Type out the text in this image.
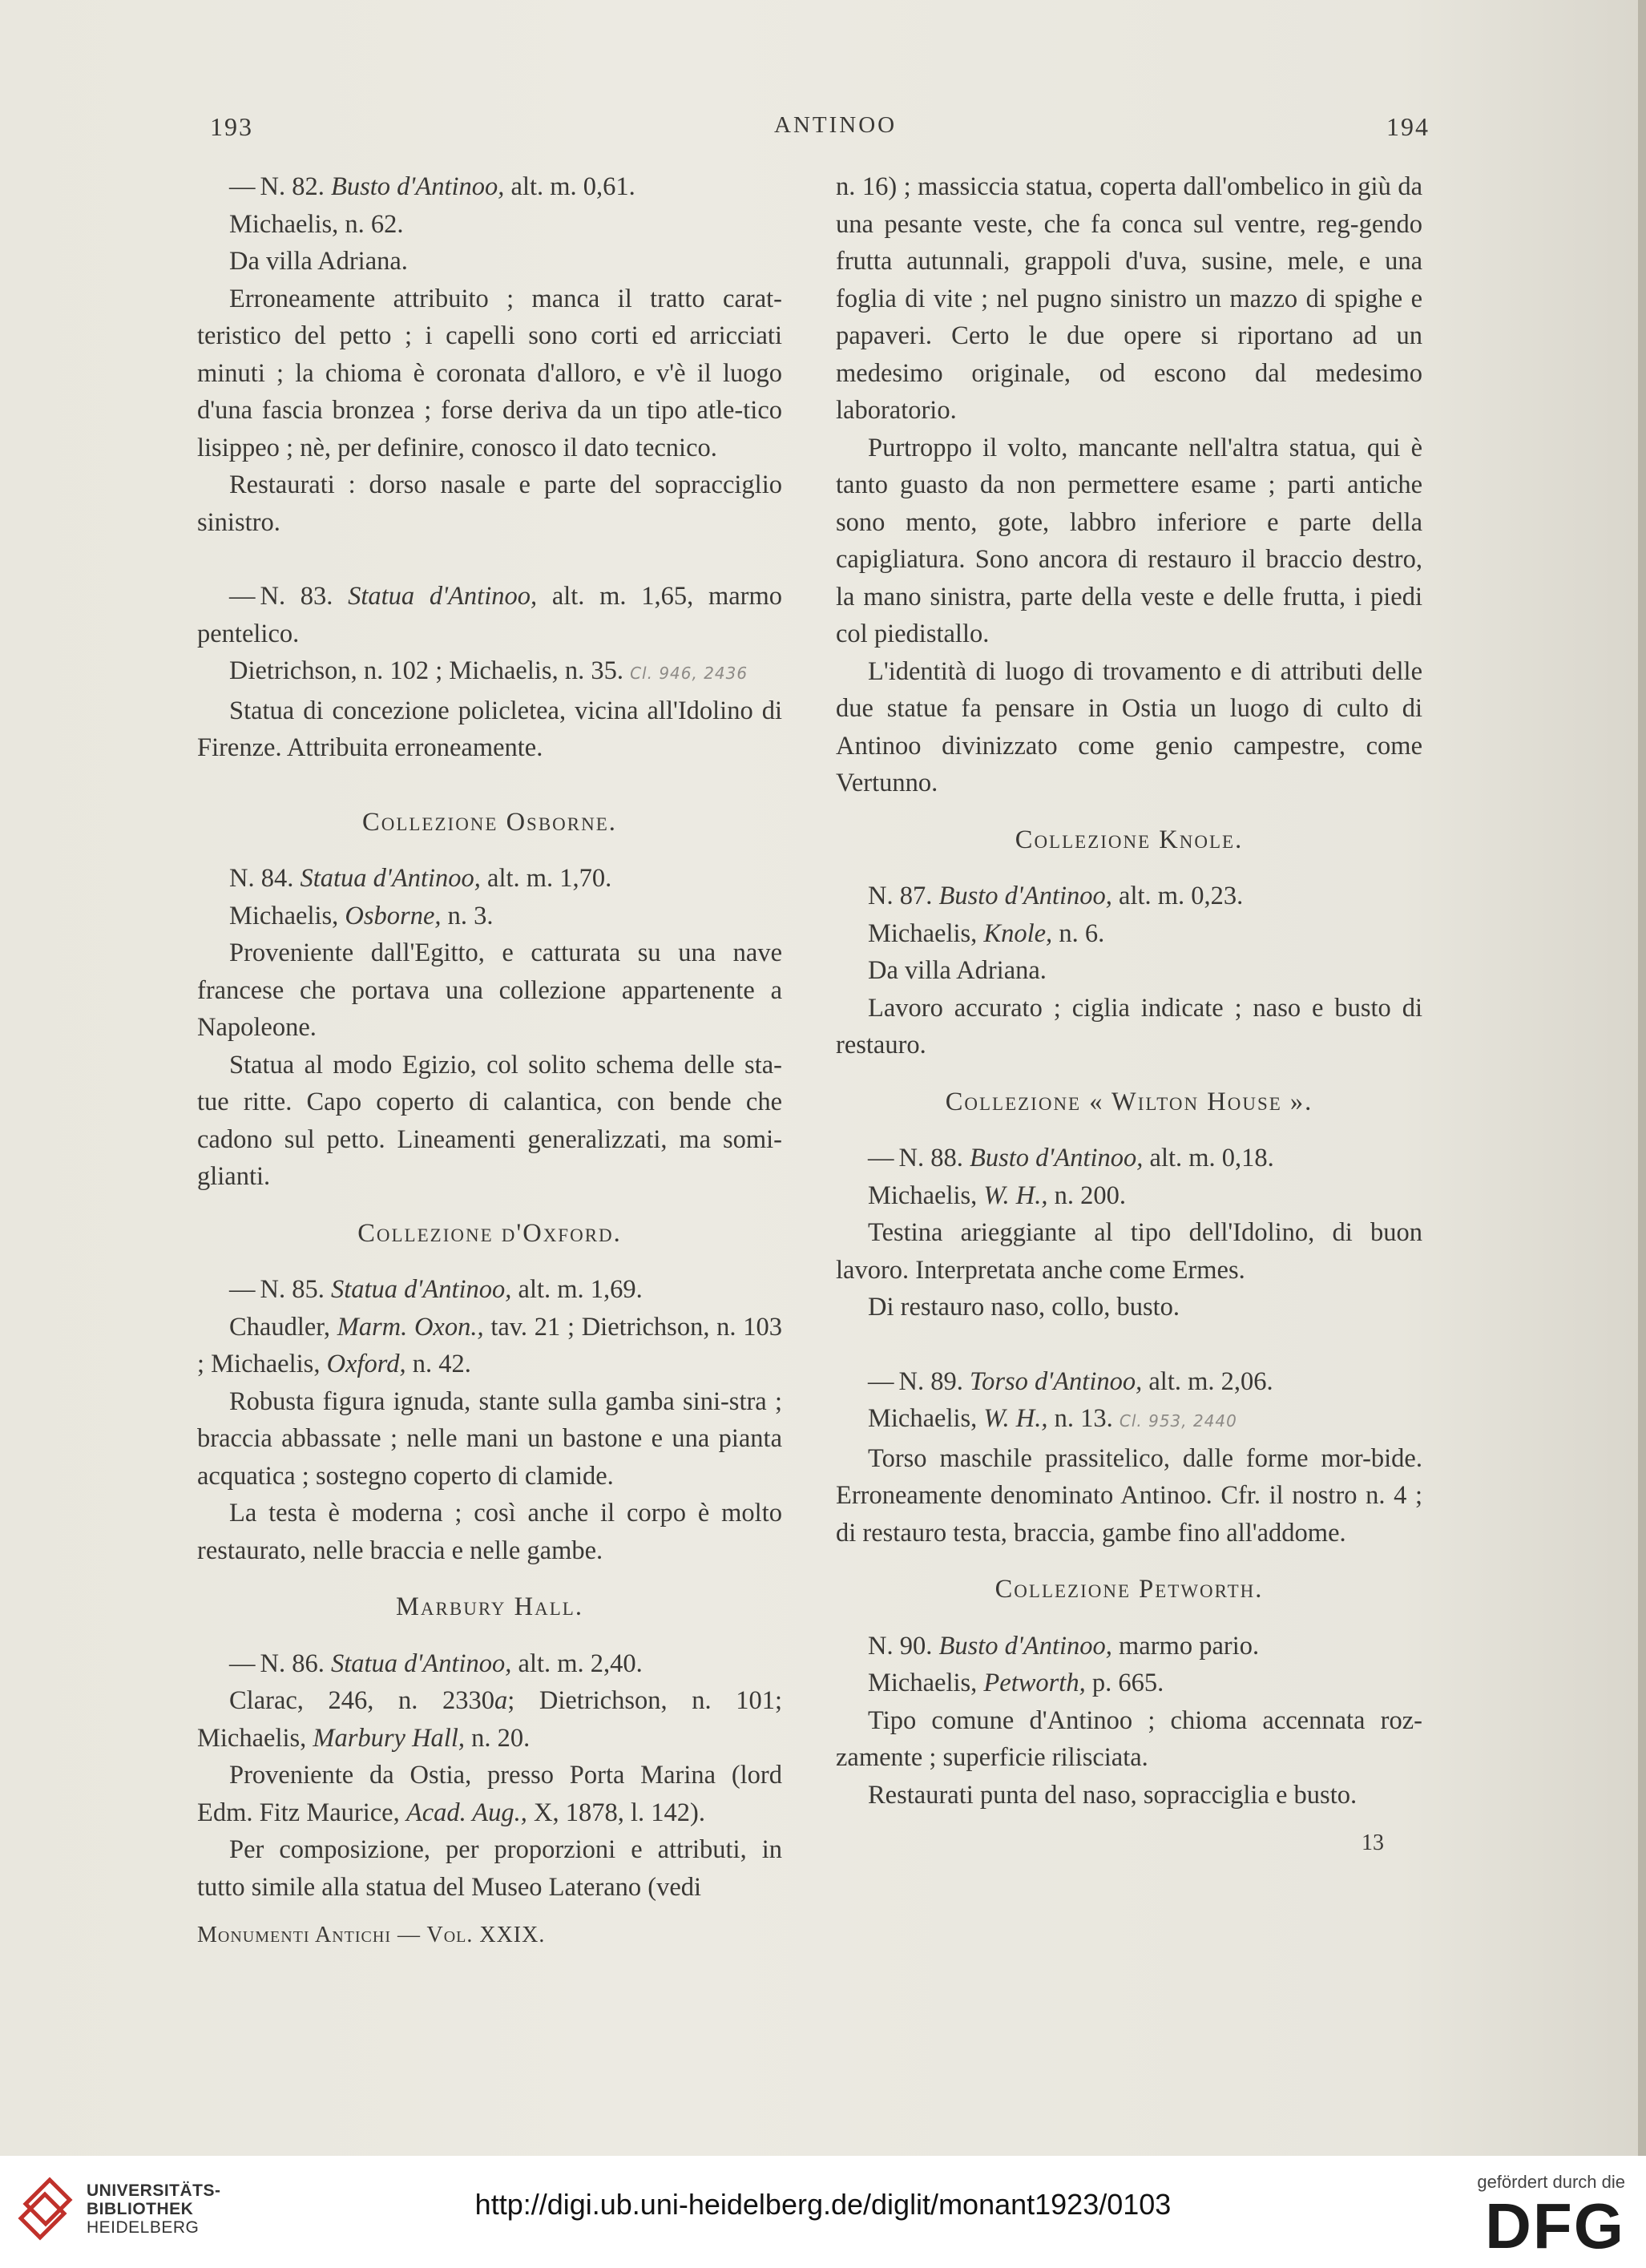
193	ANTINOO	194

— N. 82. Busto d'Antinoo, alt. m. 0,61.

Michaelis, n. 62.

Da villa Adriana.

Erroneamente attribuito ; manca il tratto carat-teristico del petto ; i capelli sono corti ed arricciati minuti ; la chioma è coronata d'alloro, e v'è il luogo d'una fascia bronzea ; forse deriva da un tipo atle-tico lisippeo ; nè, per definire, conosco il dato tecnico.

Restaurati : dorso nasale e parte del sopracciglio sinistro.

— N. 83. Statua d'Antinoo, alt. m. 1,65, marmo pentelico.

Dietrichson, n. 102 ; Michaelis, n. 35. Cl. 946, 2436

Statua di concezione policletea, vicina all'Idolino di Firenze. Attribuita erroneamente.

Collezione Osborne.

N. 84. Statua d'Antinoo, alt. m. 1,70.

Michaelis, Osborne, n. 3.

Proveniente dall'Egitto, e catturata su una nave francese che portava una collezione appartenente a Napoleone.

Statua al modo Egizio, col solito schema delle sta-tue ritte. Capo coperto di calantica, con bende che cadono sul petto. Lineamenti generalizzati, ma somi-glianti.

Collezione d'Oxford.

— N. 85. Statua d'Antinoo, alt. m. 1,69.

Chaudler, Marm. Oxon., tav. 21 ; Dietrichson, n. 103 ; Michaelis, Oxford, n. 42.

Robusta figura ignuda, stante sulla gamba sini-stra ; braccia abbassate ; nelle mani un bastone e una pianta acquatica ; sostegno coperto di clamide.

La testa è moderna ; così anche il corpo è molto restaurato, nelle braccia e nelle gambe.

Marbury Hall.

— N. 86. Statua d'Antinoo, alt. m. 2,40.

Clarac, 246, n. 2330a; Dietrichson, n. 101; Michaelis, Marbury Hall, n. 20.

Proveniente da Ostia, presso Porta Marina (lord Edm. Fitz Maurice, Acad. Aug., X, 1878, l. 142).

Per composizione, per proporzioni e attributi, in tutto simile alla statua del Museo Laterano (vedi

Monumenti Antichi — Vol. XXIX.

n. 16) ; massiccia statua, coperta dall'ombelico in giù da una pesante veste, che fa conca sul ventre, reg-gendo frutta autunnali, grappoli d'uva, susine, mele, e una foglia di vite ; nel pugno sinistro un mazzo di spighe e papaveri. Certo le due opere si riportano ad un medesimo originale, od escono dal medesimo laboratorio.

Purtroppo il volto, mancante nell'altra statua, qui è tanto guasto da non permettere esame ; parti antiche sono mento, gote, labbro inferiore e parte della capigliatura. Sono ancora di restauro il braccio destro, la mano sinistra, parte della veste e delle frutta, i piedi col piedistallo.

L'identità di luogo di trovamento e di attributi delle due statue fa pensare in Ostia un luogo di culto di Antinoo divinizzato come genio campestre, come Vertunno.

Collezione Knole.

N. 87. Busto d'Antinoo, alt. m. 0,23.

Michaelis, Knole, n. 6.

Da villa Adriana.

Lavoro accurato ; ciglia indicate ; naso e busto di restauro.

Collezione « Wilton House ».

— N. 88. Busto d'Antinoo, alt. m. 0,18.

Michaelis, W. H., n. 200.

Testina arieggiante al tipo dell'Idolino, di buon lavoro. Interpretata anche come Ermes.

Di restauro naso, collo, busto.

— N. 89. Torso d'Antinoo, alt. m. 2,06.

Michaelis, W. H., n. 13. Cl. 953, 2440

Torso maschile prassitelico, dalle forme mor-bide. Erroneamente denominato Antinoo. Cfr. il nostro n. 4 ; di restauro testa, braccia, gambe fino all'addome.

Collezione Petworth.

N. 90. Busto d'Antinoo, marmo pario.

Michaelis, Petworth, p. 665.

Tipo comune d'Antinoo ; chioma accennata roz-zamente ; superficie rilisciata.

Restaurati punta del naso, sopracciglia e busto.

13

UNIVERSITÄTS-
BIBLIOTHEK
HEIDELBERG
http://digi.ub.uni-heidelberg.de/diglit/monant1923/0103
gefördert durch die
DFG
